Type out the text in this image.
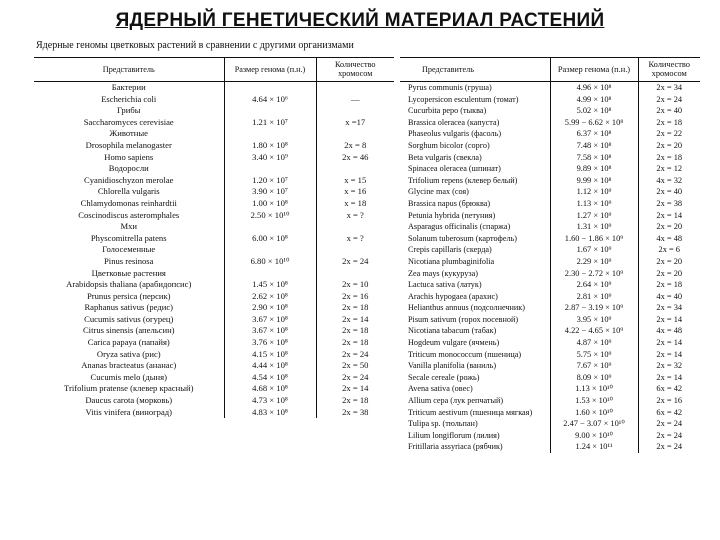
ЯДЕРНЫЙ ГЕНЕТИЧЕСКИЙ МАТЕРИАЛ РАСТЕНИЙ
Ядерные геномы цветковых растений в сравнении с другими организмами
Представитель	Размер генома (п.н.)	Количество хромосом
Бактерии		
Escherichia coli	4.64 × 10⁶	—
Грибы		
Saccharomyces cerevisiae	1.21 × 10⁷	x =17
Животные		
Drosophila melanogaster	1.80 × 10⁸	2x = 8
Homo sapiens	3.40 × 10⁹	2x = 46
Водоросли		
Cyanidioschyzon merolae	1.20 × 10⁷	x = 15
Chlorella vulgaris	3.90 × 10⁷	x = 16
Chlamydomonas reinhardtii	1.00 × 10⁸	x = 18
Coscinodiscus asteromphales	2.50 × 10¹⁰	x = ?
Мхи		
Physcomitrella patens	6.00 × 10⁸	x = ?
Голосеменные		
Pinus resinosa	6.80 × 10¹⁰	2x = 24
Цветковые растения		
Arabidopsis thaliana (арабидопсис)	1.45 × 10⁸	2x = 10
Prunus persica (персик)	2.62 × 10⁸	2x = 16
Raphanus sativus (редис)	2.90 × 10⁸	2x = 18
Cucumis sativus (огурец)	3.67 × 10⁸	2x = 14
Citrus sinensis (апельсин)	3.67 × 10⁸	2x = 18
Carica papaya (папайя)	3.76 × 10⁸	2x = 18
Oryza sativa (рис)	4.15 × 10⁸	2x = 24
Ananas bracteatus (ананас)	4.44 × 10⁸	2x = 50
Cucumis melo (дыня)	4.54 × 10⁸	2x = 24
Trifolium pratense (клевер красный)	4.68 × 10⁸	2x = 14
Daucus carota (морковь)	4.73 × 10⁸	2x = 18
Vitis vinifera (виноград)	4.83 × 10⁸	2x = 38
Представитель	Размер генома (п.н.)	Количество хромосом
Pyrus communis (груша)	4.96 × 10⁸	2x = 34
Lycopersicon esculentum (томат)	4.99 × 10⁸	2x = 24
Cucurbita pepo (тыква)	5.02 × 10⁸	2x = 40
Brassica oleracea (капуста)	5.99 − 6.62 × 10⁸	2x = 18
Phaseolus vulgaris (фасоль)	6.37 × 10⁸	2x = 22
Sorghum bicolor (сорго)	7.48 × 10⁸	2x = 20
Beta vulgaris (свекла)	7.58 × 10⁸	2x = 18
Spinacea oleracea (шпинат)	9.89 × 10⁸	2x = 12
Trifolium repens (клевер белый)	9.99 × 10⁸	4x = 32
Glycine max (соя)	1.12 × 10⁹	2x = 40
Brassica napus (брюква)	1.13 × 10⁹	2x = 38
Petunia hybrida (петуния)	1.27 × 10⁹	2x = 14
Asparagus officinalis (спаржа)	1.31 × 10⁹	2x = 20
Solanum tuberosum (картофель)	1.60 − 1.86 × 10⁹	4x = 48
Crepis capillaris (скерда)	1.67 × 10⁹	2x = 6
Nicotiana plumbaginifolia	2.29 × 10⁹	2x = 20
Zea mays (кукуруза)	2.30 − 2.72 × 10⁹	2x = 20
Lactuca sativa (латук)	2.64 × 10⁹	2x = 18
Arachis hypogaea (арахис)	2.81 × 10⁹	4x = 40
Helianthus annuus (подсолнечник)	2.87 − 3.19 × 10⁹	2x = 34
Pisum sativum (горох посевной)	3.95 × 10⁹	2x = 14
Nicotiana tabacum (табак)	4.22 − 4.65 × 10⁹	4x = 48
Hogdeum vulgare (ячмень)	4.87 × 10⁹	2x = 14
Triticum monococcum (пшеница)	5.75 × 10⁹	2x = 14
Vanilla planifolia (ваниль)	7.67 × 10⁹	2x = 32
Secale cereale (рожь)	8.09 × 10⁹	2x = 14
Avena sativa (овес)	1.13 × 10¹⁰	6x = 42
Allium cepa (лук репчатый)	1.53 × 10¹⁰	2x = 16
Triticum aestivum (пшеница мягкая)	1.60 × 10¹⁰	6x = 42
Tulipa sp. (тюльпан)	2.47 − 3.07 × 10¹⁰	2x = 24
Lilium longiflorum (лилия)	9.00 × 10¹⁰	2x = 24
Fritillaria assyriaca (рябчик)	1.24 × 10¹¹	2x = 24
